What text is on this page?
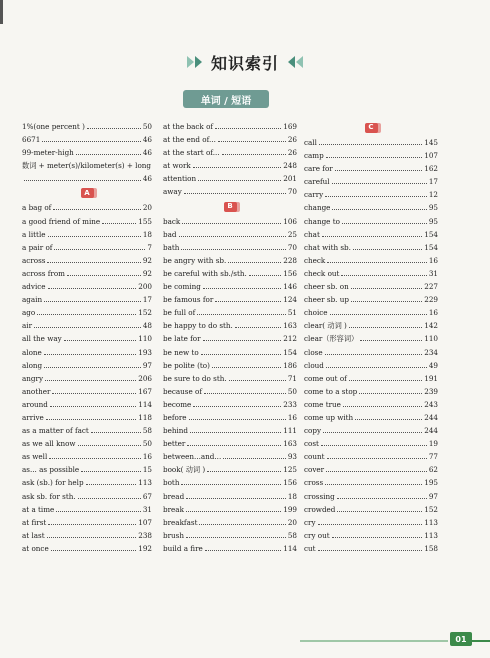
知识索引
单词 / 短语
1%(one percent )	50
6671	46
99-meter-high	46
数词 + meter(s)/kilometer(s) + long
46
A
a bag of	20
a good friend of mine	155
a little	18
a pair of	7
across	92
across from	92
advice	200
again	17
ago	152
air	48
all the way	110
alone	193
along	97
angry	206
another	167
around	114
arrive	118
as a matter of fact	58
as we all know	50
as well	16
as... as possible	15
ask (sb.) for help	113
ask sb. for sth.	67
at a time	31
at first	107
at last	238
at once	192
at the back of	169
at the end of...	26
at the start of...	26
at work	248
attention	201
away	70
B
back	106
bad	25
bath	70
be angry with sb.	228
be careful with sb./sth.	156
be coming	146
be famous for	124
be full of	51
be happy to do sth.	163
be late for	212
be new to	154
be polite (to)	186
be sure to do sth.	71
because of	50
become	233
before	16
behind	111
better	163
between...and...	93
book( 动词 )	125
both	156
bread	18
break	199
breakfast	20
brush	58
build a fire	114
C
call	145
camp	107
care for	162
careful	17
carry	12
change	95
change to	95
chat	154
chat with sb.	154
check	16
check out	31
cheer sb. on	227
cheer sb. up	229
choice	16
clear( 动词 )	142
clear（形容词）	110
close	234
cloud	49
come out of	191
come to a stop	239
come true	243
come up with	244
copy	244
cost	19
count	77
cover	62
cross	195
crossing	97
crowded	152
cry	113
cry out	113
cut	158
01
